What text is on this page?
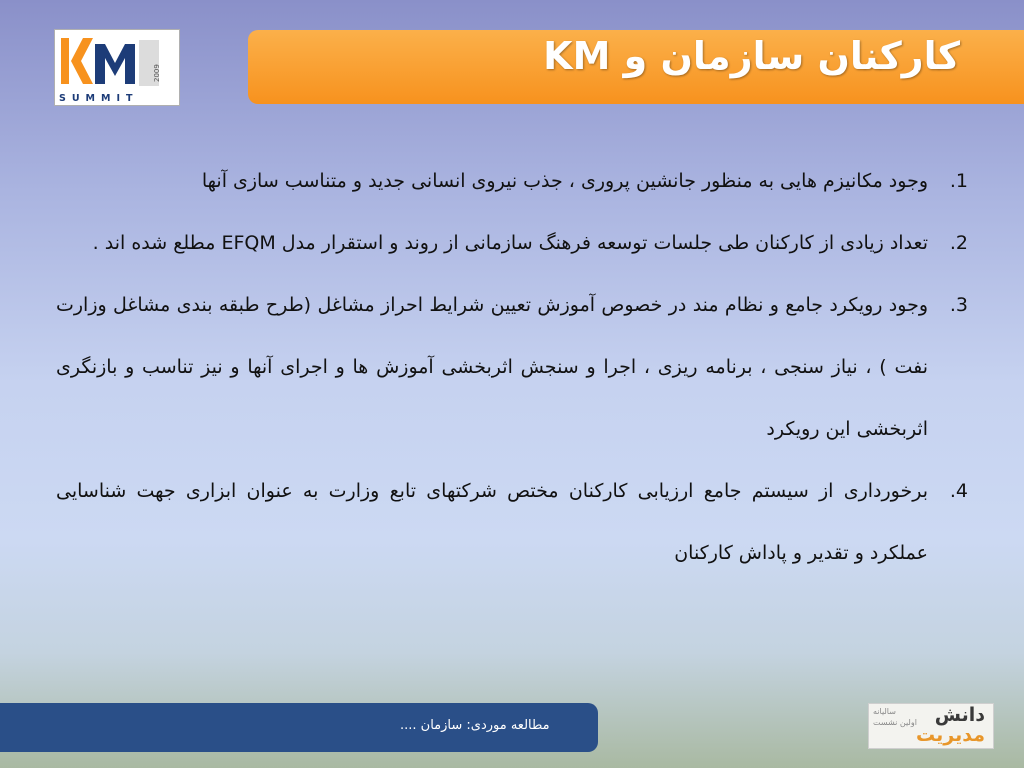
2009
SUMMIT
کارکنان سازمان و KM
1.
وجود مکانیزم هایی به منظور جانشین پروری ، جذب نیروی انسانی جدید و متناسب سازی آنها
2.
تعداد زیادی از کارکنان طی جلسات توسعه فرهنگ سازمانی از روند و استقرار مدل EFQM مطلع شده اند .
3.
وجود رویکرد جامع و نظام مند در خصوص آموزش تعیین شرایط احراز مشاغل (طرح طبقه بندی مشاغل وزارت نفت ) ، نیاز سنجی ، برنامه ریزی ، اجرا و سنجش اثربخشی آموزش ها و اجرای آنها و نیز تناسب و بازنگری اثربخشی این رویکرد
4.
برخورداری از سیستم جامع ارزیابی کارکنان مختص شرکتهای تابع وزارت به عنوان ابزاری جهت شناسایی عملکرد و تقدیر و پاداش کارکنان
مطالعه موردی: سازمان ....
سالیانه
اولین نشست دانش
مدیریت
